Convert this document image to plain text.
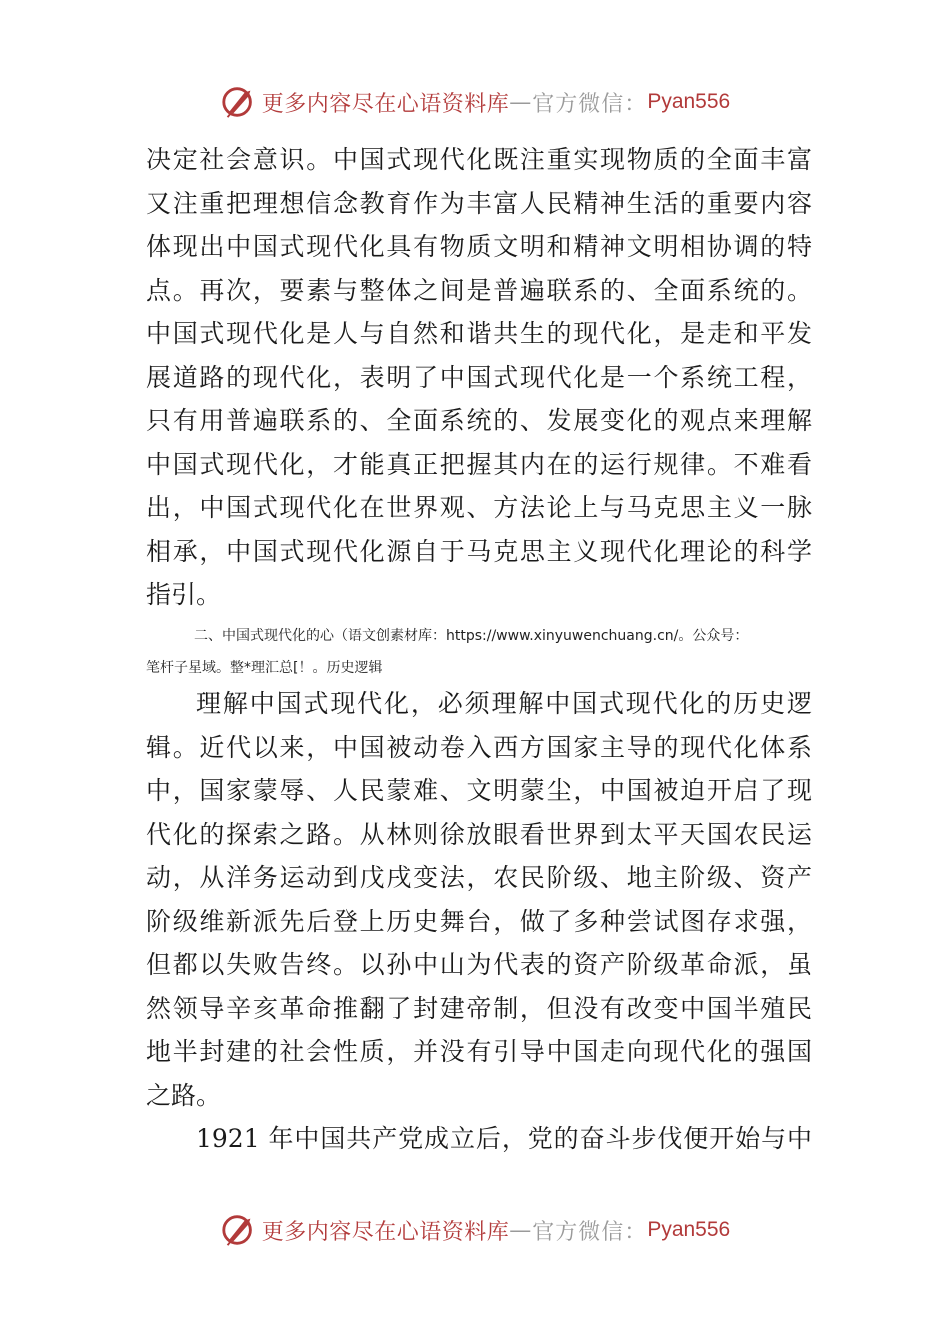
更多内容尽在心语资料库 — 官方微信： Pyan556
决定社会意识。中国式现代化既注重实现物质的全面丰富
又注重把理想信念教育作为丰富人民精神生活的重要内容
体现出中国式现代化具有物质文明和精神文明相协调的特
点。再次，要素与整体之间是普遍联系的、全面系统的。
中国式现代化是人与自然和谐共生的现代化，是走和平发
展道路的现代化，表明了中国式现代化是一个系统工程，
只有用普遍联系的、全面系统的、发展变化的观点来理解
中国式现代化，才能真正把握其内在的运行规律。不难看
出，中国式现代化在世界观、方法论上与马克思主义一脉
相承，中国式现代化源自于马克思主义现代化理论的科学
指引。
二、中国式现代化的心（语文创素材库：https://www.xinyuwenchuang.cn/。公众号：
笔杆子星域。整*理汇总[！。历史逻辑
理解中国式现代化，必须理解中国式现代化的历史逻
辑。近代以来，中国被动卷入西方国家主导的现代化体系
中，国家蒙辱、人民蒙难、文明蒙尘，中国被迫开启了现
代化的探索之路。从林则徐放眼看世界到太平天国农民运
动，从洋务运动到戊戌变法，农民阶级、地主阶级、资产
阶级维新派先后登上历史舞台，做了多种尝试图存求强，
但都以失败告终。以孙中山为代表的资产阶级革命派，虽
然领导辛亥革命推翻了封建帝制，但没有改变中国半殖民
地半封建的社会性质，并没有引导中国走向现代化的强国
之路。
1921 年中国共产党成立后，党的奋斗步伐便开始与中
更多内容尽在心语资料库 — 官方微信： Pyan556
